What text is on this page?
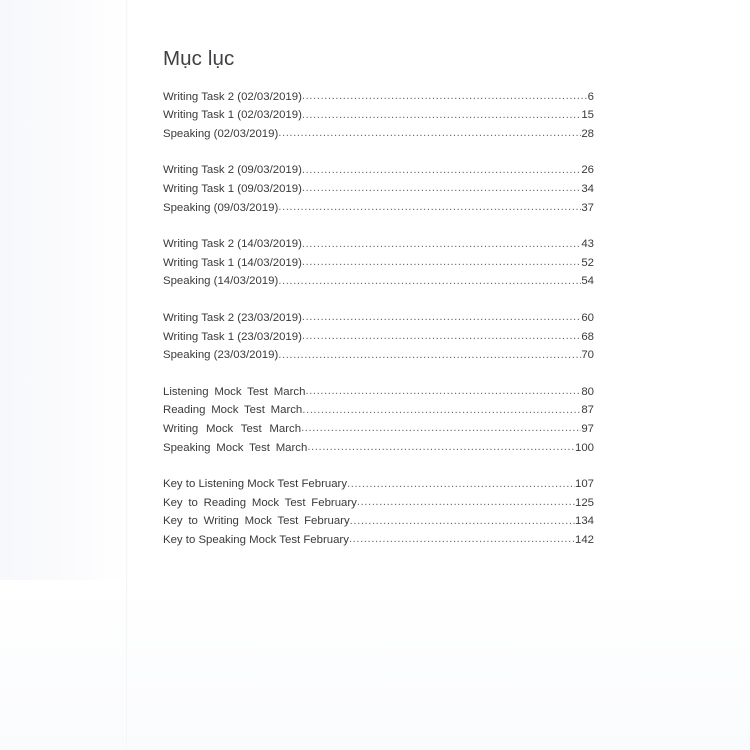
Mục lục
Writing Task 2 (02/03/2019) .....	6
Writing Task 1 (02/03/2019) .....	15
Speaking (02/03/2019) .....	28
Writing Task 2 (09/03/2019) .....	26
Writing Task 1 (09/03/2019) .....	34
Speaking (09/03/2019) .....	37
Writing Task 2 (14/03/2019) .....	43
Writing Task 1 (14/03/2019) .....	52
Speaking (14/03/2019) .....	54
Writing Task 2 (23/03/2019) .....	60
Writing Task 1 (23/03/2019) .....	68
Speaking (23/03/2019) .....	70
Listening Mock Test March .....	80
Reading Mock Test March .....	87
Writing Mock Test March .....	97
Speaking Mock Test March .....	100
Key to Listening Mock Test February .....	107
Key to Reading Mock Test February .....	125
Key to Writing Mock Test February .....	134
Key to Speaking Mock Test February .....	142
